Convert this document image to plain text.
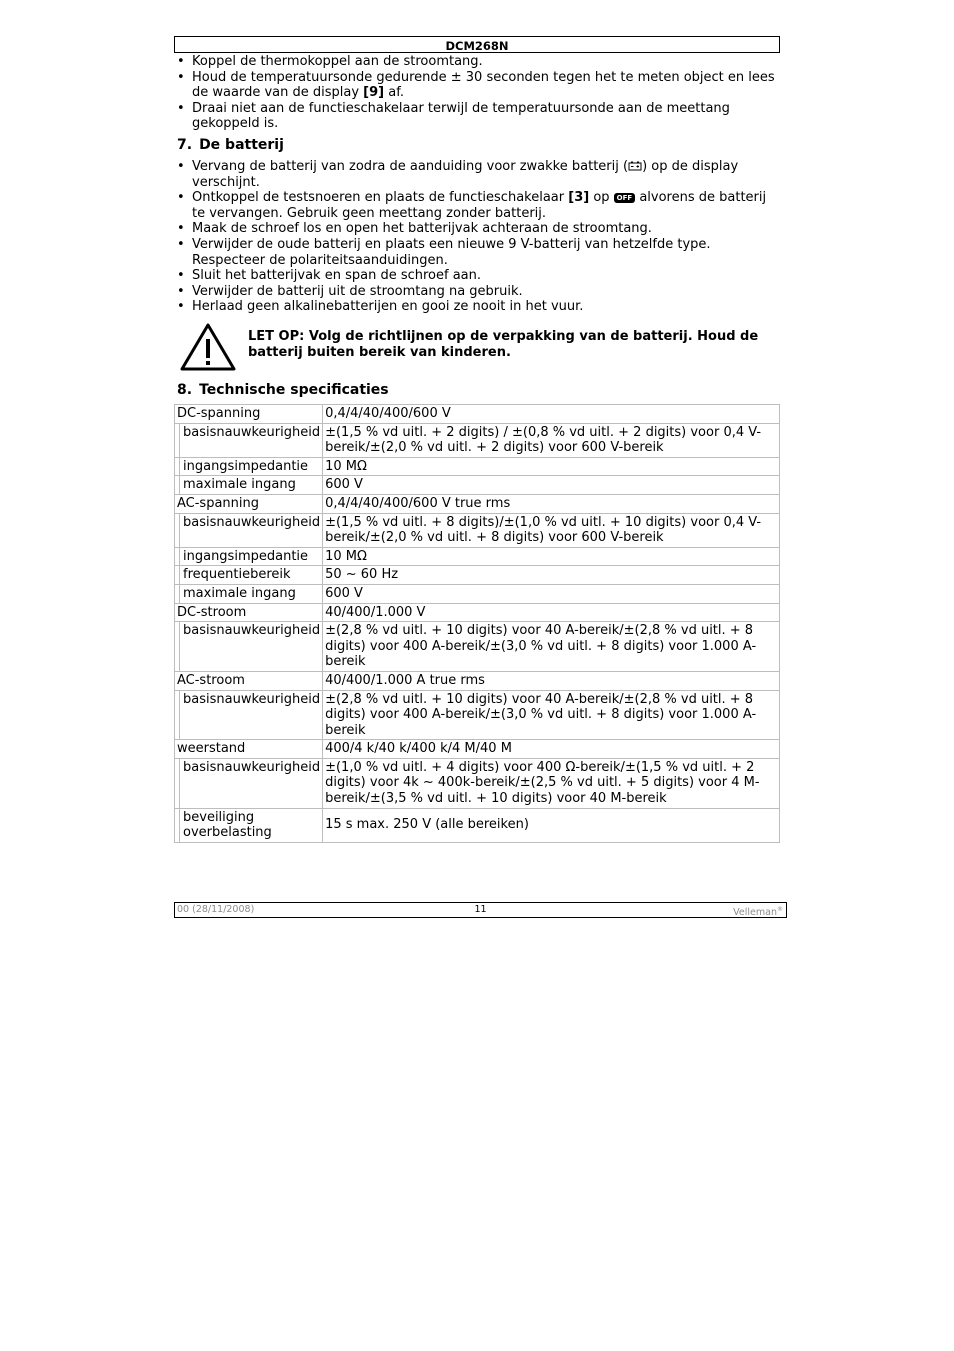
DCM268N
• Koppel de thermokoppel aan de stroomtang.
• Houd de temperatuursonde gedurende ± 30 seconden tegen het te meten object en lees de waarde van de display [9] af.
• Draai niet aan de functieschakelaar terwijl de temperatuursonde aan de meettang gekoppeld is.
7. De batterij
• Vervang de batterij van zodra de aanduiding voor zwakke batterij ( ) op de display verschijnt.
• Ontkoppel de testsnoeren en plaats de functieschakelaar [3] op OFF alvorens de batterij te vervangen. Gebruik geen meettang zonder batterij.
• Maak de schroef los en open het batterijvak achteraan de stroomtang.
• Verwijder de oude batterij en plaats een nieuwe 9 V-batterij van hetzelfde type. Respecteer de polariteitsaanduidingen.
• Sluit het batterijvak en span de schroef aan.
• Verwijder de batterij uit de stroomtang na gebruik.
• Herlaad geen alkalinebatterijen en gooi ze nooit in het vuur.
LET OP: Volg de richtlijnen op de verpakking van de batterij. Houd de batterij buiten bereik van kinderen.
8. Technische specificaties
DC-spanning		0,4/4/40/400/600 V
	basisnauwkeurigheid	±(1,5 % vd uitl. + 2 digits) / ±(0,8 % vd uitl. + 2 digits) voor 0,4 V-bereik/±(2,0 % vd uitl. + 2 digits) voor 600 V-bereik
	ingangsimpedantie	10 MΩ
	maximale ingang	600 V
AC-spanning		0,4/4/40/400/600 V true rms
	basisnauwkeurigheid	±(1,5 % vd uitl. + 8 digits)/±(1,0 % vd uitl. + 10 digits) voor 0,4 V-bereik/±(2,0 % vd uitl. + 8 digits) voor 600 V-bereik
	ingangsimpedantie	10 MΩ
	frequentiebereik	50 ~ 60 Hz
	maximale ingang	600 V
DC-stroom		40/400/1.000 V
	basisnauwkeurigheid	±(2,8 % vd uitl. + 10 digits) voor 40 A-bereik/±(2,8 % vd uitl. + 8 digits) voor 400 A-bereik/±(3,0 % vd uitl. + 8 digits) voor 1.000 A-bereik
AC-stroom		40/400/1.000 A true rms
	basisnauwkeurigheid	±(2,8 % vd uitl. + 10 digits) voor 40 A-bereik/±(2,8 % vd uitl. + 8 digits) voor 400 A-bereik/±(3,0 % vd uitl. + 8 digits) voor 1.000 A-bereik
weerstand		400/4 k/40 k/400 k/4 M/40 M
	basisnauwkeurigheid	±(1,0 % vd uitl. + 4 digits) voor 400 Ω-bereik/±(1,5 % vd uitl. + 2 digits) voor 4k ~ 400k-bereik/±(2,5 % vd uitl. + 5 digits) voor 4 M-bereik/±(3,5 % vd uitl. + 10 digits) voor 40 M-bereik
	beveiliging overbelasting	15 s max. 250 V (alle bereiken)
00 (28/11/2008)	11	Velleman®
